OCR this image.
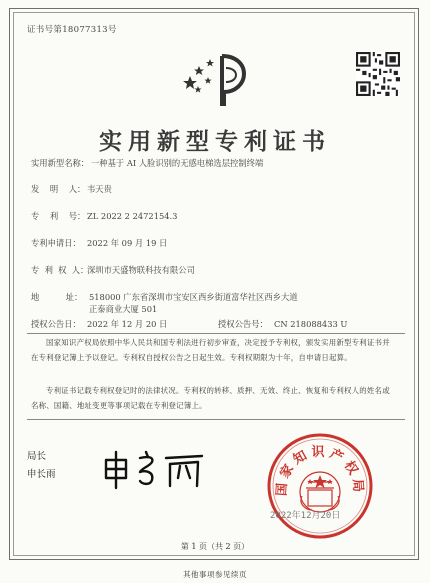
证书号第18077313号
实用新型专利证书
实用新型名称： 一种基于 AI 人脸识别的无感电梯选层控制终端
发    明    人： 韦天贵
专    利    号： ZL 2022 2 2472154.3
专利申请日： 2022 年 09 月 19 日
专  利  权  人：深圳市天盛物联科技有限公司
地          址： 518000 广东省深圳市宝安区西乡街道富华社区西乡大道
正泰商业大厦 501
授权公告日： 2022 年 12 月 20 日	授权公告号： CN 218088433 U
国家知识产权局依照中华人民共和国专利法进行初步审查，决定授予专利权，颁发实用新型专利证书并在专利登记簿上予以登记。专利权自授权公告之日起生效。专利权期限为十年，自申请日起算。
专利证书记载专利权登记时的法律状况。专利权的转移、质押、无效、终止、恢复和专利权人的姓名或名称、国籍、地址变更等事项记载在专利登记簿上。
局长
申长雨
国家知识产权局
2022年12月20日
第 1 页（共 2 页）
其他事项参见续页
